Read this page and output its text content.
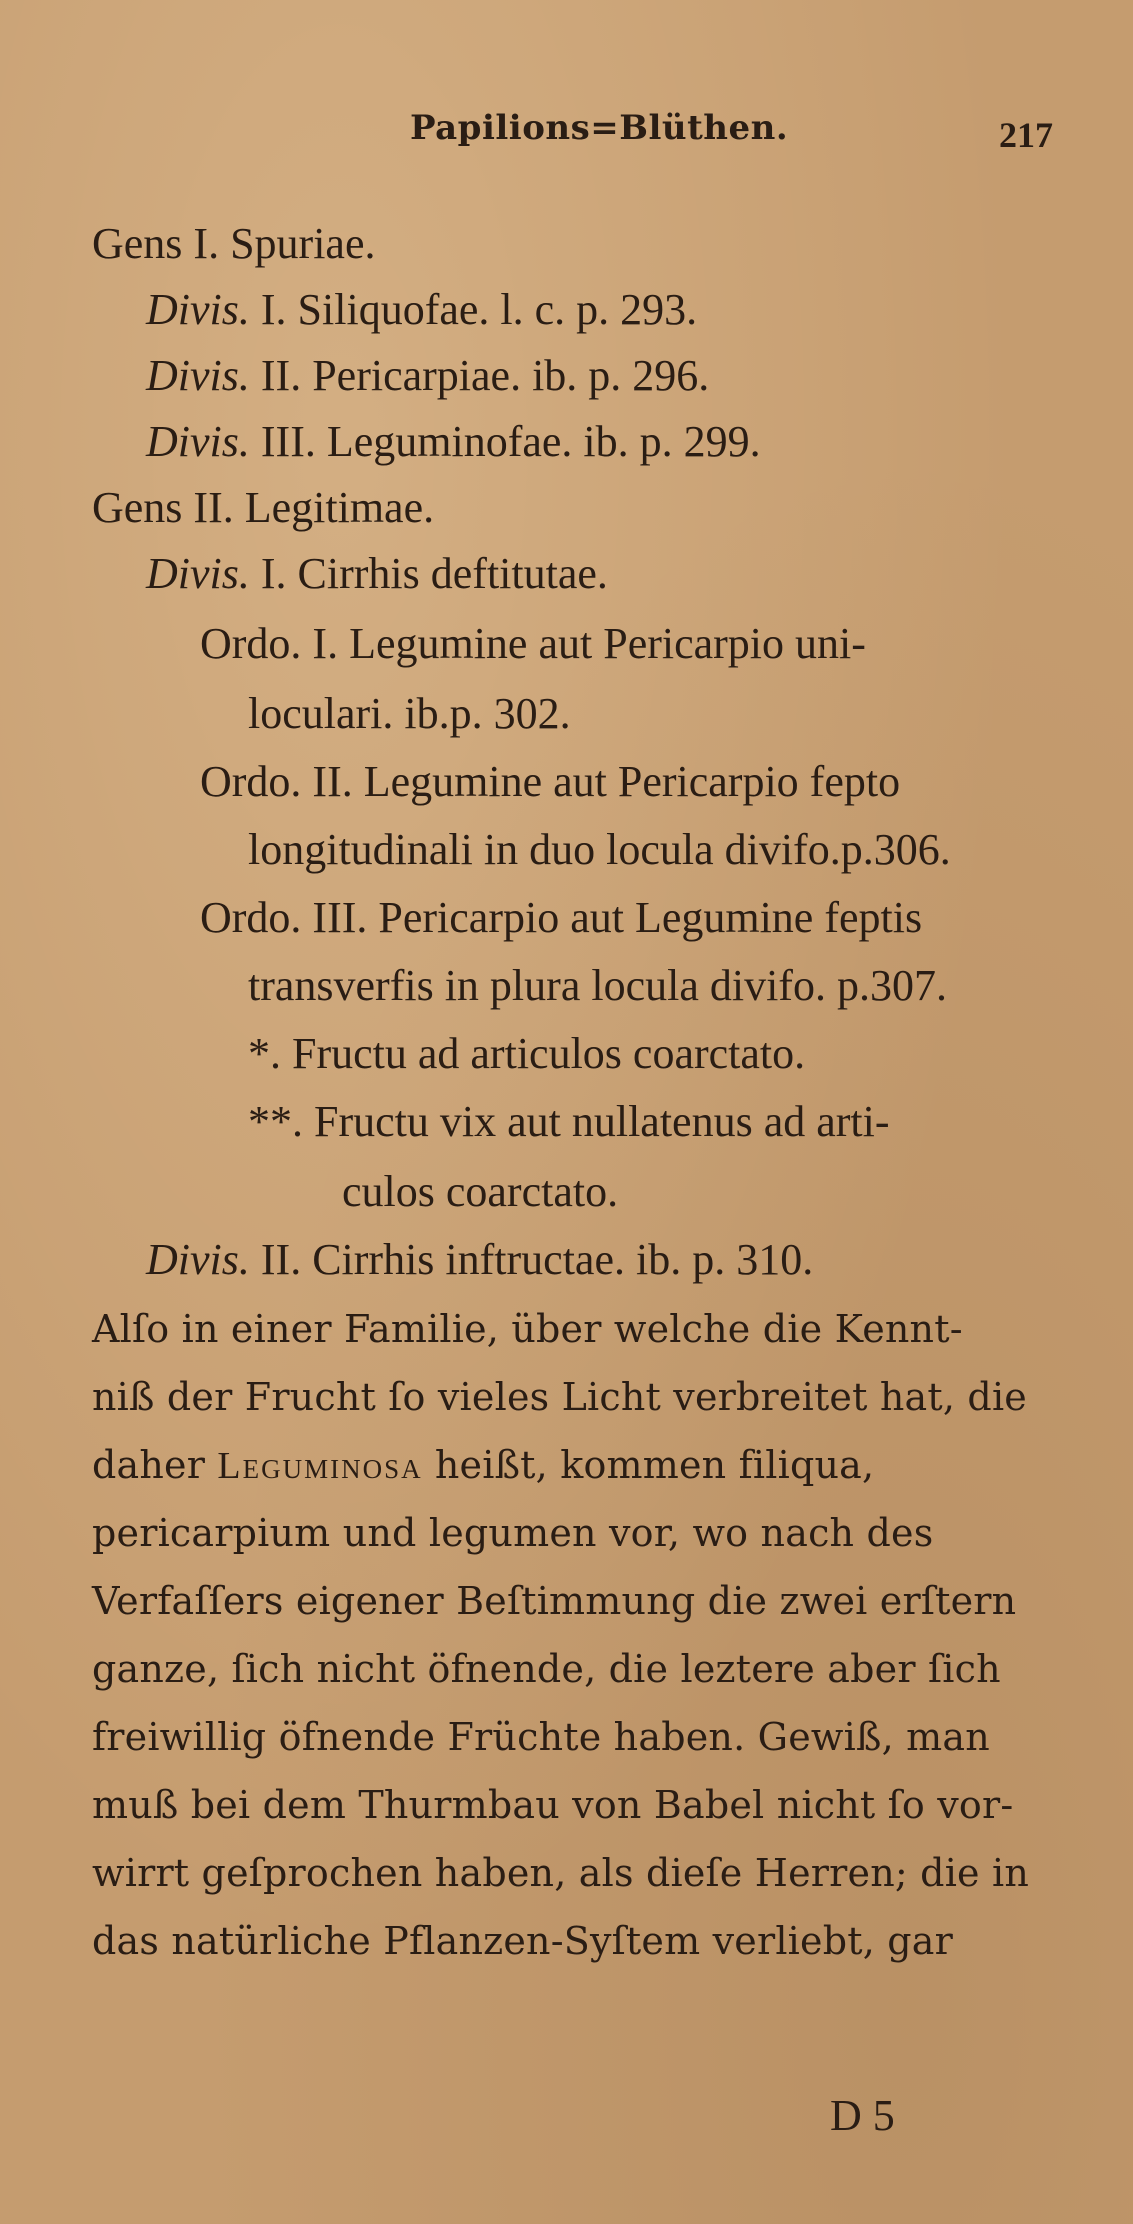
Papilions=Blüthen.	217
Gens I. Spuriae.
Divis. I. Siliquofae. l. c. p. 293.
Divis. II. Pericarpiae. ib. p. 296.
Divis. III. Leguminofae. ib. p. 299.
Gens II. Legitimae.
Divis. I. Cirrhis deftitutae.
Ordo. I. Legumine aut Pericarpio uni-
loculari. ib.p. 302.
Ordo. II. Legumine aut Pericarpio fepto
longitudinali in duo locula divifo.p.306.
Ordo. III. Pericarpio aut Legumine feptis
transverfis in plura locula divifo. p.307.
*. Fructu ad articulos coarctato.
**. Fructu vix aut nullatenus ad arti-
culos coarctato.
Divis. II. Cirrhis inftructae. ib. p. 310.
Alſo in einer Familie, über welche die Kennt-
niß der Frucht ſo vieles Licht verbreitet hat, die
daher Leguminosa heißt, kommen filiqua,
pericarpium und legumen vor, wo nach des
Verfaſſers eigener Beſtimmung die zwei erſtern
ganze, ſich nicht öfnende, die leztere aber ſich
freiwillig öfnende Früchte haben. Gewiß, man
muß bei dem Thurmbau von Babel nicht ſo vor-
wirrt geſprochen haben, als dieſe Herren; die in
das natürliche Pflanzen-Syſtem verliebt, gar
D 5
